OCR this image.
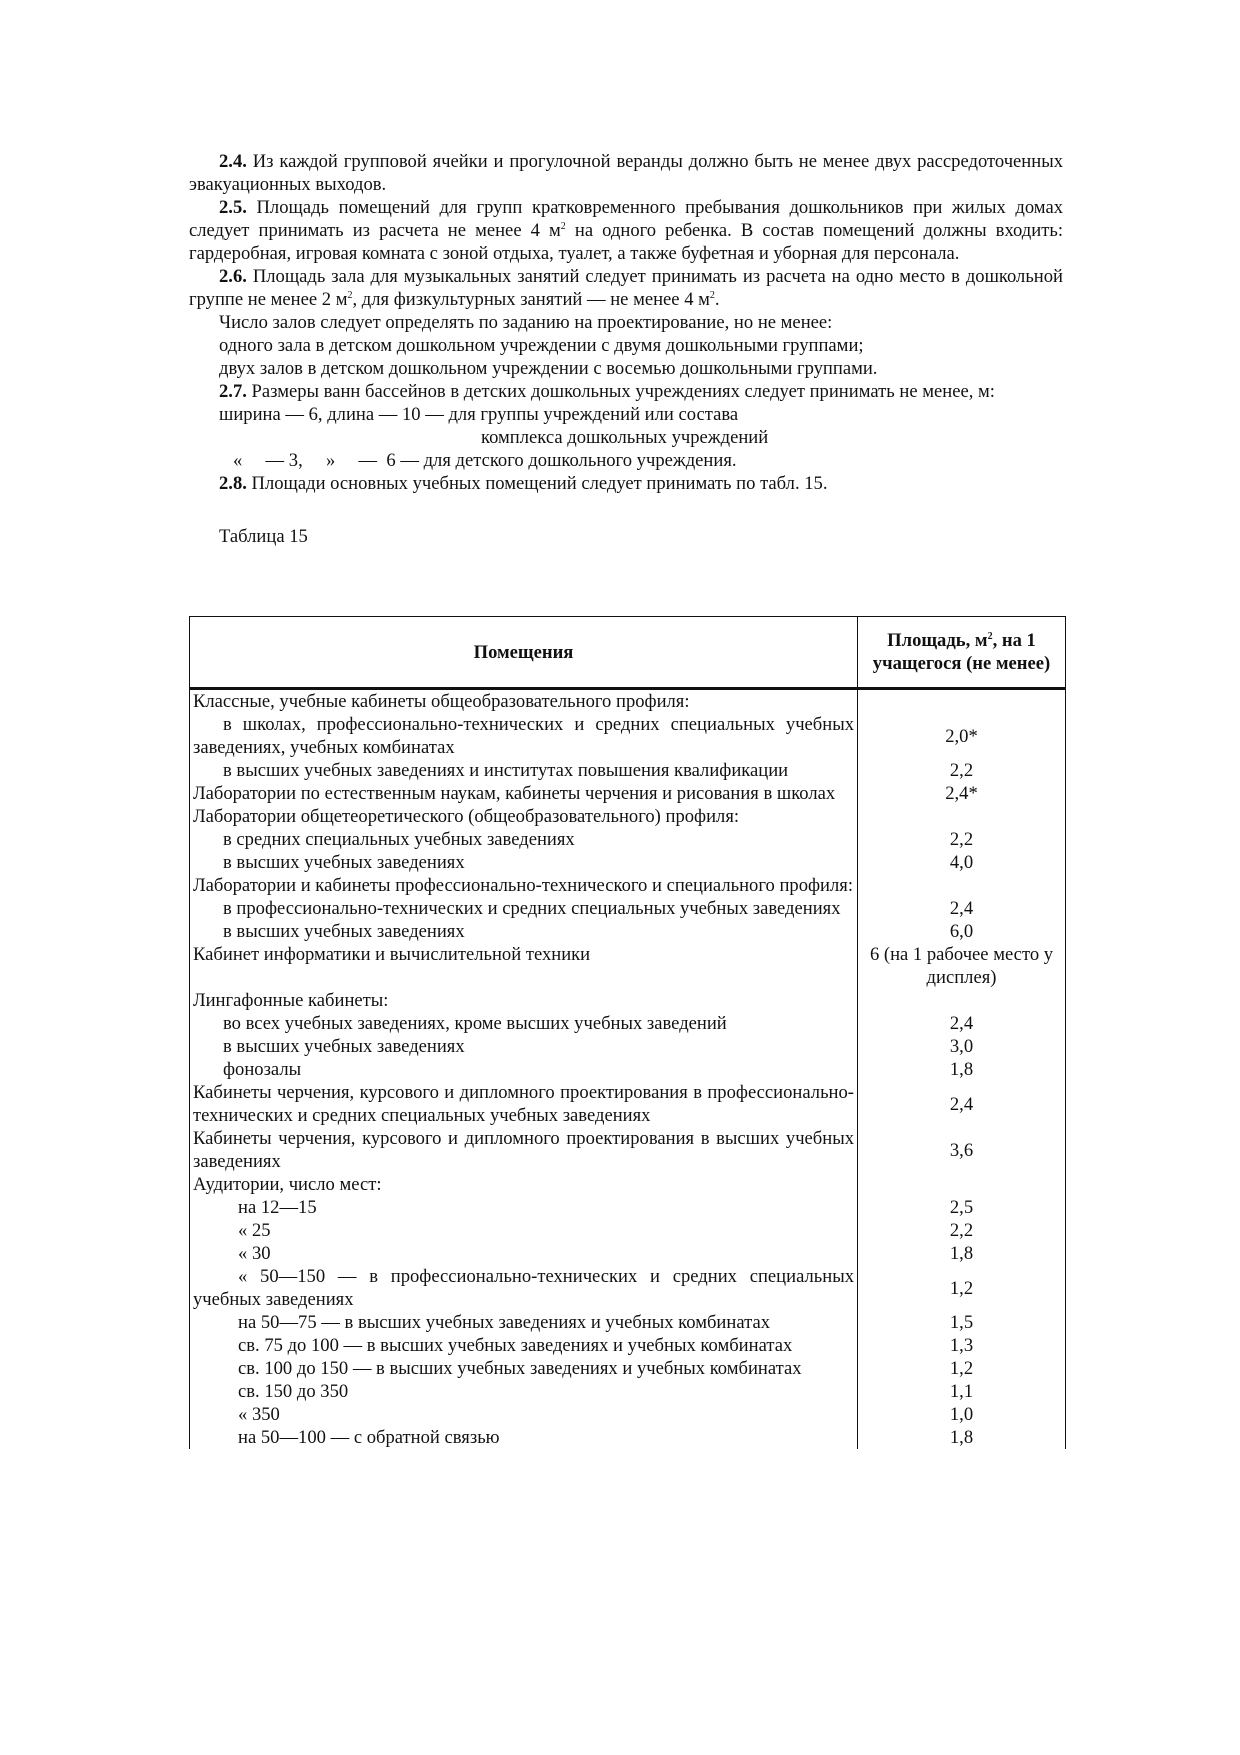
2.4. Из каждой групповой ячейки и прогулочной веранды должно быть не менее двух рассредоточенных эвакуационных выходов.

2.5. Площадь помещений для групп кратковременного пребывания дошкольников при жилых домах следует принимать из расчета не менее 4 $м^2$ на одного ребенка. В состав помещений должны входить: гардеробная, игровая комната с зоной отдыха, туалет, а также буфетная и уборная для персонала.

2.6. Площадь зала для музыкальных занятий следует принимать из расчета на одно место в дошкольной группе не менее 2 $м^2$, для физкультурных занятий — не менее 4 $м^2$.

Число залов следует определять по заданию на проектирование, но не менее:

одного зала в детском дошкольном учреждении с двумя дошкольными группами;

двух залов в детском дошкольном учреждении с восемью дошкольными группами.

2.7. Размеры ванн бассейнов в детских дошкольных учреждениях следует принимать не менее, м:

ширина — 6, длина — 10 — для группы учреждений или состава
комплекса дошкольных учреждений
«     — 3,     »     —  6 — для детского дошкольного учреждения.

2.8. Площади основных учебных помещений следует принимать по табл. 15.

Таблица 15
Помещения	Площадь, $м^2$, на 1 учащегося (не менее)

Классные, учебные кабинеты общеобразовательного профиля:	

в школах, профессионально-технических и средних специальных учебных заведениях, учебных комбинатах	2,0*

в высших учебных заведениях и институтах повышения квалификации	2,2

Лаборатории по естественным наукам, кабинеты черчения и рисования в школах	2,4*

Лаборатории общетеоретического (общеобразовательного) профиля:	

в средних специальных учебных заведениях	2,2

в высших учебных заведениях	4,0

Лаборатории и кабинеты профессионально-технического и специального профиля:	

в профессионально-технических и средних специальных учебных заведениях	2,4

в высших учебных заведениях	6,0

Кабинет информатики и вычислительной техники	6 (на 1 рабочее место у дисплея)

Лингафонные кабинеты:	

во всех учебных заведениях, кроме высших учебных заведений	2,4

в высших учебных заведениях	3,0

фонозалы	1,8

Кабинеты черчения, курсового и дипломного проектирования в профессионально-технических и средних специальных учебных заведениях	2,4

Кабинеты черчения, курсового и дипломного проектирования в высших учебных заведениях	3,6

Аудитории, число мест:	

на 12—15	2,5

« 25	2,2

« 30	1,8

« 50—150 — в профессионально-технических и средних специальных учебных заведениях	1,2

на 50—75 — в высших учебных заведениях и учебных комбинатах	1,5

св. 75 до 100 — в высших учебных заведениях и учебных комбинатах	1,3

св. 100 до 150 — в высших учебных заведениях и учебных комбинатах	1,2

св. 150 до 350	1,1

« 350	1,0

на 50—100 — с обратной связью	1,8
